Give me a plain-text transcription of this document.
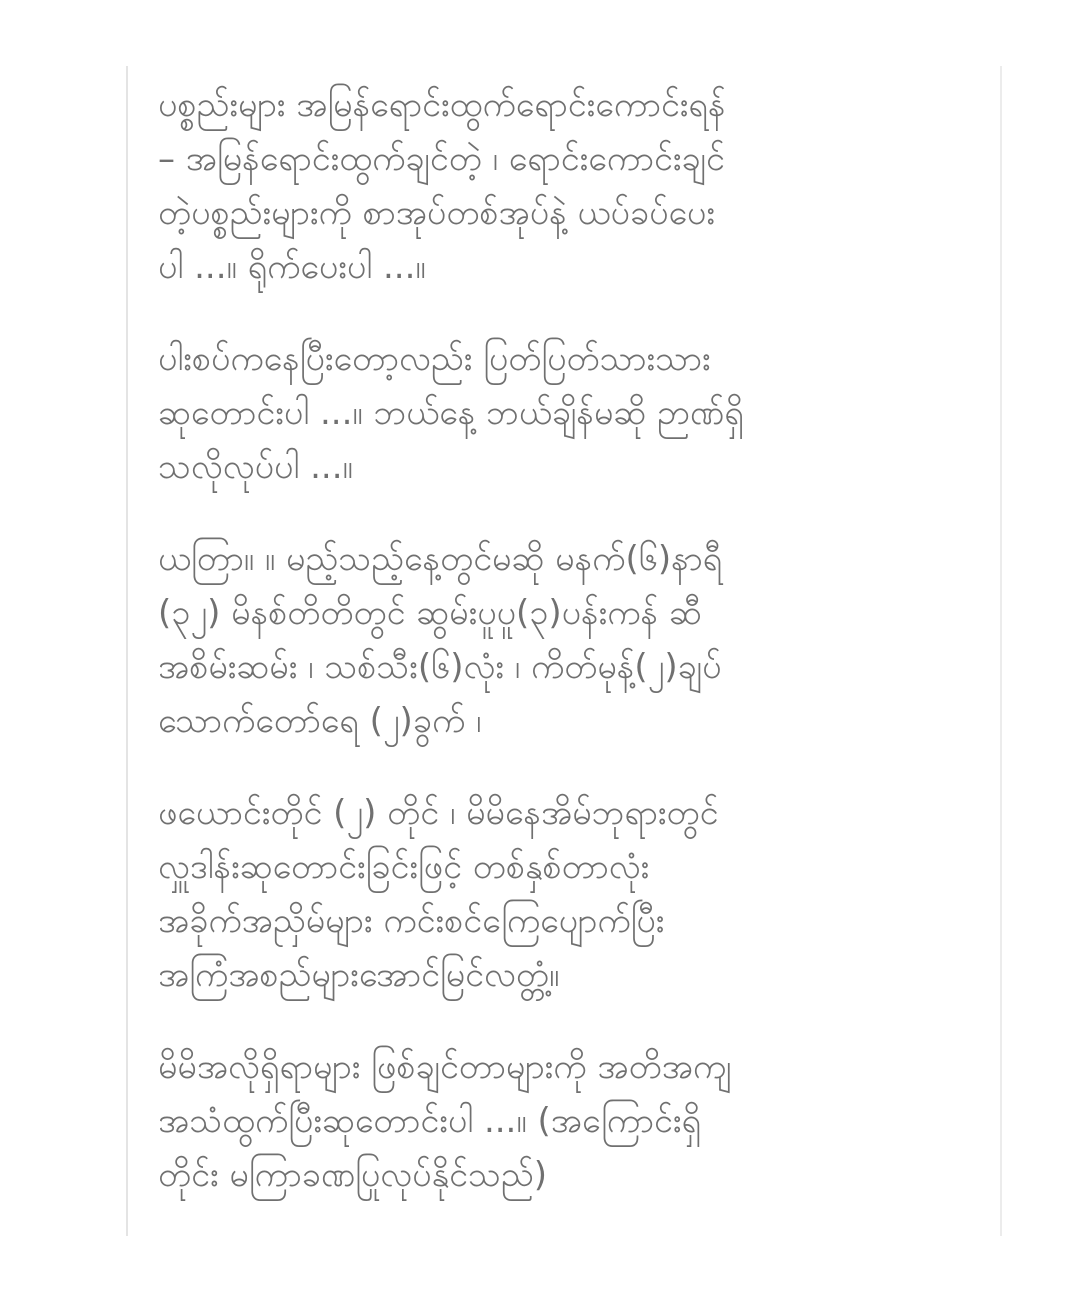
ပစ္စည်းများ အမြန်ရောင်းထွက်ရောင်းကောင်းရန်
– အမြန်ရောင်းထွက်ချင်တဲ့ ၊ ရောင်းကောင်းချင်
တဲ့ပစ္စည်းများကို စာအုပ်တစ်အုပ်နဲ့ ယပ်ခပ်ပေး
ပါ ...။ ရိုက်ပေးပါ ...။
ပါးစပ်ကနေပြီးတော့လည်း ပြတ်ပြတ်သားသား
ဆုတောင်းပါ ...။ ဘယ်နေ့ ဘယ်ချိန်မဆို ဉာဏ်ရှိ
သလိုလုပ်ပါ ...။
ယတြာ။ ။ မည့်သည့်နေ့တွင်မဆို မနက်(၆)နာရီ
(၃၂) မိနစ်တိတိတွင် ဆွမ်းပူပူ(၃)ပန်းကန် ဆီ
အစိမ်းဆမ်း ၊ သစ်သီး(၆)လုံး ၊ ကိတ်မုန့်(၂)ချပ်
သောက်တော်ရေ (၂)ခွက် ၊
ဖယောင်းတိုင် (၂) တိုင် ၊ မိမိနေအိမ်ဘုရားတွင်
လှူဒါန်းဆုတောင်းခြင်းဖြင့် တစ်နှစ်တာလုံး
အခိုက်အညှိမ်များ ကင်းစင်ကြေပျောက်ပြီး
အကြံအစည်များအောင်မြင်လတ္တံ့။
မိမိအလိုရှိရာများ ဖြစ်ချင်တာများကို အတိအကျ
အသံထွက်ပြီးဆုတောင်းပါ ...။ (အကြောင်းရှိ
တိုင်း မကြာခဏပြုလုပ်နိုင်သည်)
